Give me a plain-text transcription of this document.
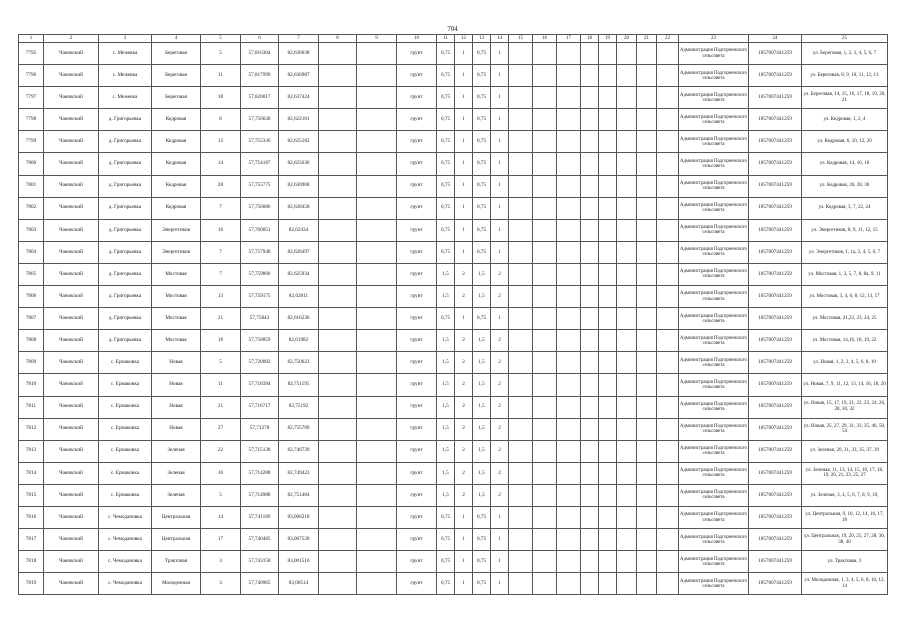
704
1	2	3	4	5	6	7	8	9	10	11	12	13	14	15	16	17	18	19	20	21	22	23	24	25
7795	Чановский	с. Межевка	Береговая	5	57,816304	82,636038			грунт	0,75	1	0,75	1									Администрация Подгорненского сельсовета	1057007441259	ул. Береговая, 1, 2, 3, 4, 5, 6, 7
7796	Чановский	с. Межевка	Береговая	11	57,817999	82,636987			грунт	0,75	1	0,75	1									Администрация Подгорненского сельсовета	1057007441259	ул. Береговая, 8, 9, 10, 11, 12, 13
7797	Чановский	с. Межевка	Береговая	18	57,820017	82,637424			грунт	0,75	1	0,75	1									Администрация Подгорненского сельсовета	1057007441259	ул. Береговая, 14, 15, 16, 17, 18, 19, 20, 21
7798	Чановский	д. Григорьевка	Кедровая	8	57,756630	82,622101			грунт	0,75	1	0,75	1									Администрация Подгорненского сельсовета	1057007441259	ул. Кедровая, 1, 2, 4
7799	Чановский	д. Григорьевка	Кедровая	12	57,755336	82,625182			грунт	0,75	1	0,75	1									Администрация Подгорненского сельсовета	1057007441259	ул. Кедровая, 6, 10, 12, 20
7800	Чановский	д. Григорьевка	Кедровая	14	57,754187	82,625636			грунт	0,75	1	0,75	1									Администрация Подгорненского сельсовета	1057007441259	ул. Кедровая, 14, 16, 18
7801	Чановский	д. Григорьевка	Кедровая	28	57,755775	82,630968			грунт	0,75	1	0,75	1									Администрация Подгорненского сельсовета	1057007441259	ул. Кедровая, 26, 28, 30
7802	Чановский	д. Григорьевка	Кедровая	7	57,756086	82,628458			грунт	0,75	1	0,75	1									Администрация Подгорненского сельсовета	1057007441259	ул. Кедровая, 3, 7, 22, 24
7803	Чановский	д. Григорьевка	Энергетиков	16	57,760051	82,62434			грунт	0,75	1	0,75	1									Администрация Подгорненского сельсовета	1057007441259	ул. Энергетиков, 8, 9, 11, 12, 15
7804	Чановский	д. Григорьевка	Энергетиков	7	57,757948	82,628497			грунт	0,75	1	0,75	1									Администрация Подгорненского сельсовета	1057007441259	ул. Энергетиков, 1, 1а, 2, 4, 5, 6, 7
7805	Чановский	д. Григорьевка	Мостовая	7	57,759866	82,625934			грунт	1,5	2	1,5	2									Администрация Подгорненского сельсовета	1057007441259	ул. Мостовая, 1, 3, 5, 7, 8, 8а, 9, 11
7806	Чановский	д. Григорьевка	Мостовая	13	57,759175	82,62811			грунт	1,5	2	1,5	2									Администрация Подгорненского сельсовета	1057007441259	ул. Мостовая, 3, 4, 6, 8, 12, 13, 17
7807	Чановский	д. Григорьевка	Мостовая	21	57,75843	82,616236			грунт	0,75	1	0,75	1									Администрация Подгорненского сельсовета	1057007441259	ул. Мостовая, 21,22, 23, 24, 25
7808	Чановский	д. Григорьевка	Мостовая	18	57,758859	82,61982			грунт	1,5	2	1,5	2									Администрация Подгорненского сельсовета	1057007441259	ул. Мостовая, 14,16, 18, 19, 22
7809	Чановский	с. Ермаковка	Новая	5	57,720002	82,750623			грунт	1,5	2	1,5	2									Администрация Подгорненского сельсовета	1057007441259	ул. Новая, 1, 2, 3, 4, 5, 6, 8, 10
7810	Чановский	с. Ермаковка	Новая	11	57,718394	82,751195			грунт	1,5	2	1,5	2									Администрация Подгорненского сельсовета	1057007441259	ул. Новая, 7, 9, 11, 12, 13, 14, 16, 18, 20
7811	Чановский	с. Ермаковка	Новая	21	57,716717	82,75192			грунт	1,5	2	1,5	2									Администрация Подгорненского сельсовета	1057007441259	ул. Новая, 15, 17, 19, 21, 22, 23, 24, 26, 28, 30, 32
7812	Чановский	с. Ермаковка	Новая	27	57,71278	82,755789			грунт	1,5	2	1,5	2									Администрация Подгорненского сельсовета	1057007441259	ул. Новая, 25, 27, 29, 31, 33, 35, 46, 50, 54
7813	Чановский	с. Ермаковка	Зеленая	22	57,715138	82,746739			грунт	1,5	2	1,5	2									Администрация Подгорненского сельсовета	1057007441259	ул. Зеленая, 20, 31, 33, 35, 37, 39
7814	Чановский	с. Ермаковка	Зеленая	16	57,714288	82,749422			грунт	1,5	2	1,5	2									Администрация Подгорненского сельсовета	1057007441259	ул. Зеленая, 11, 13, 14, 15, 16, 17, 18, 19, 20, 21, 23, 25, 27
7815	Чановский	с. Ермаковка	Зеленая	5	57,714988	82,751484			грунт	1,5	2	1,5	2									Администрация Подгорненского сельсовета	1057007441259	ул. Зеленая, 3, 4, 5, 6, 7, 8, 9, 10,
7816	Чановский	с. Чемодановка	Центральная	14	57,741189	83,006218			грунт	0,75	1	0,75	1									Администрация Подгорненского сельсовета	1057007441259	ул. Центральная, 9, 10, 12, 14, 16, 17, 18
7817	Чановский	с. Чемодановка	Центральная	17	57,740485	83,007528			грунт	0,75	1	0,75	1									Администрация Подгорненского сельсовета	1057007441259	ул. Центральная, 19, 20, 25, 27, 28, 30, 38, 40
7818	Чановский	с. Чемодановка	Трактовая	3	57,743158	83,001516			грунт	0,75	1	0,75	1									Администрация Подгорненского сельсовета	1057007441259	ул. Трактовая, 3
7819	Чановский	с. Чемодановка	Молодежная	3	57,740965	83,00514			грунт	0,75	1	0,75	1									Администрация Подгорненского сельсовета	1057007441259	ул. Молодежная, 1, 3, 4, 5, 6, 8, 10, 12, 14
